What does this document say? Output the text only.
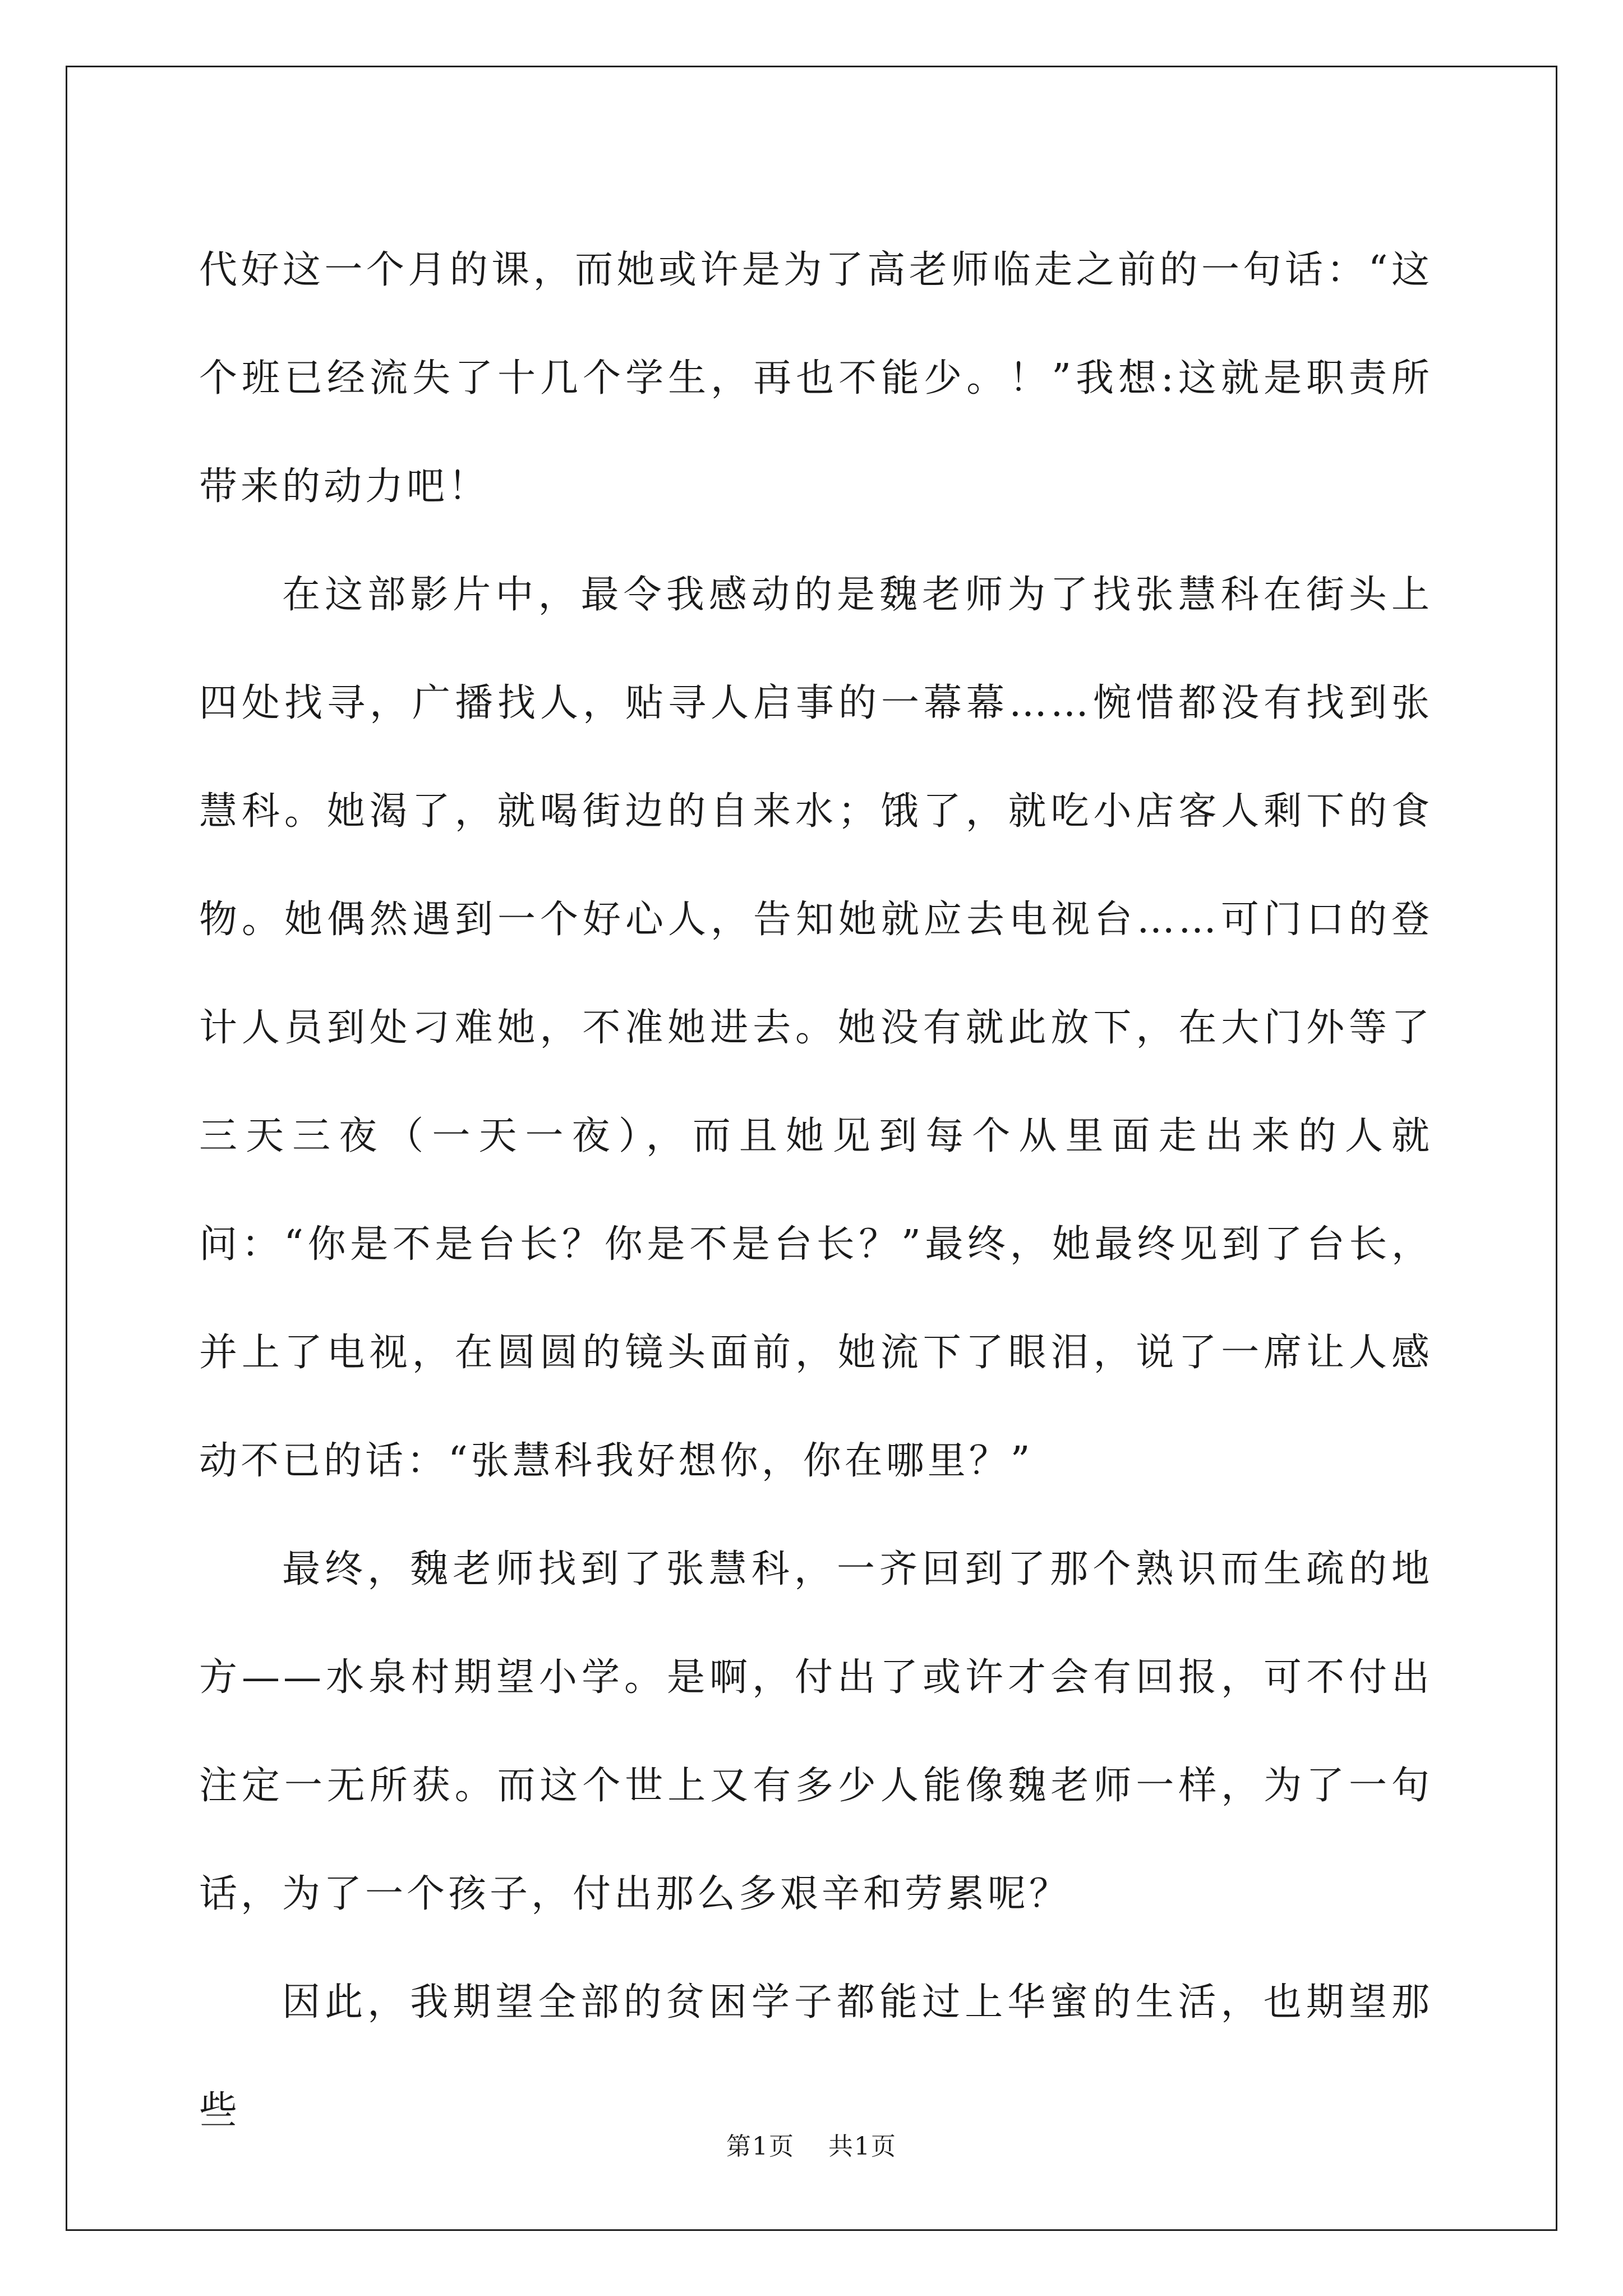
代好这一个月的课，而她或许是为了高老师临走之前的一句话：“这个班已经流失了十几个学生，再也不能少。！”我想:这就是职责所带来的动力吧！

在这部影片中，最令我感动的是魏老师为了找张慧科在街头上四处找寻，广播找人，贴寻人启事的一幕幕……惋惜都没有找到张慧科。她渴了，就喝街边的自来水；饿了，就吃小店客人剩下的食物。她偶然遇到一个好心人，告知她就应去电视台……可门口的登计人员到处刁难她，不准她进去。她没有就此放下，在大门外等了三天三夜（一天一夜），而且她见到每个从里面走出来的人就问：“你是不是台长？你是不是台长？”最终，她最终见到了台长，并上了电视，在圆圆的镜头面前，她流下了眼泪，说了一席让人感动不已的话：“张慧科我好想你，你在哪里？”

最终，魏老师找到了张慧科，一齐回到了那个熟识而生疏的地方——水泉村期望小学。是啊，付出了或许才会有回报，可不付出注定一无所获。而这个世上又有多少人能像魏老师一样，为了一句话，为了一个孩子，付出那么多艰辛和劳累呢？

因此，我期望全部的贫困学子都能过上华蜜的生活，也期望那些

第1页 共1页
